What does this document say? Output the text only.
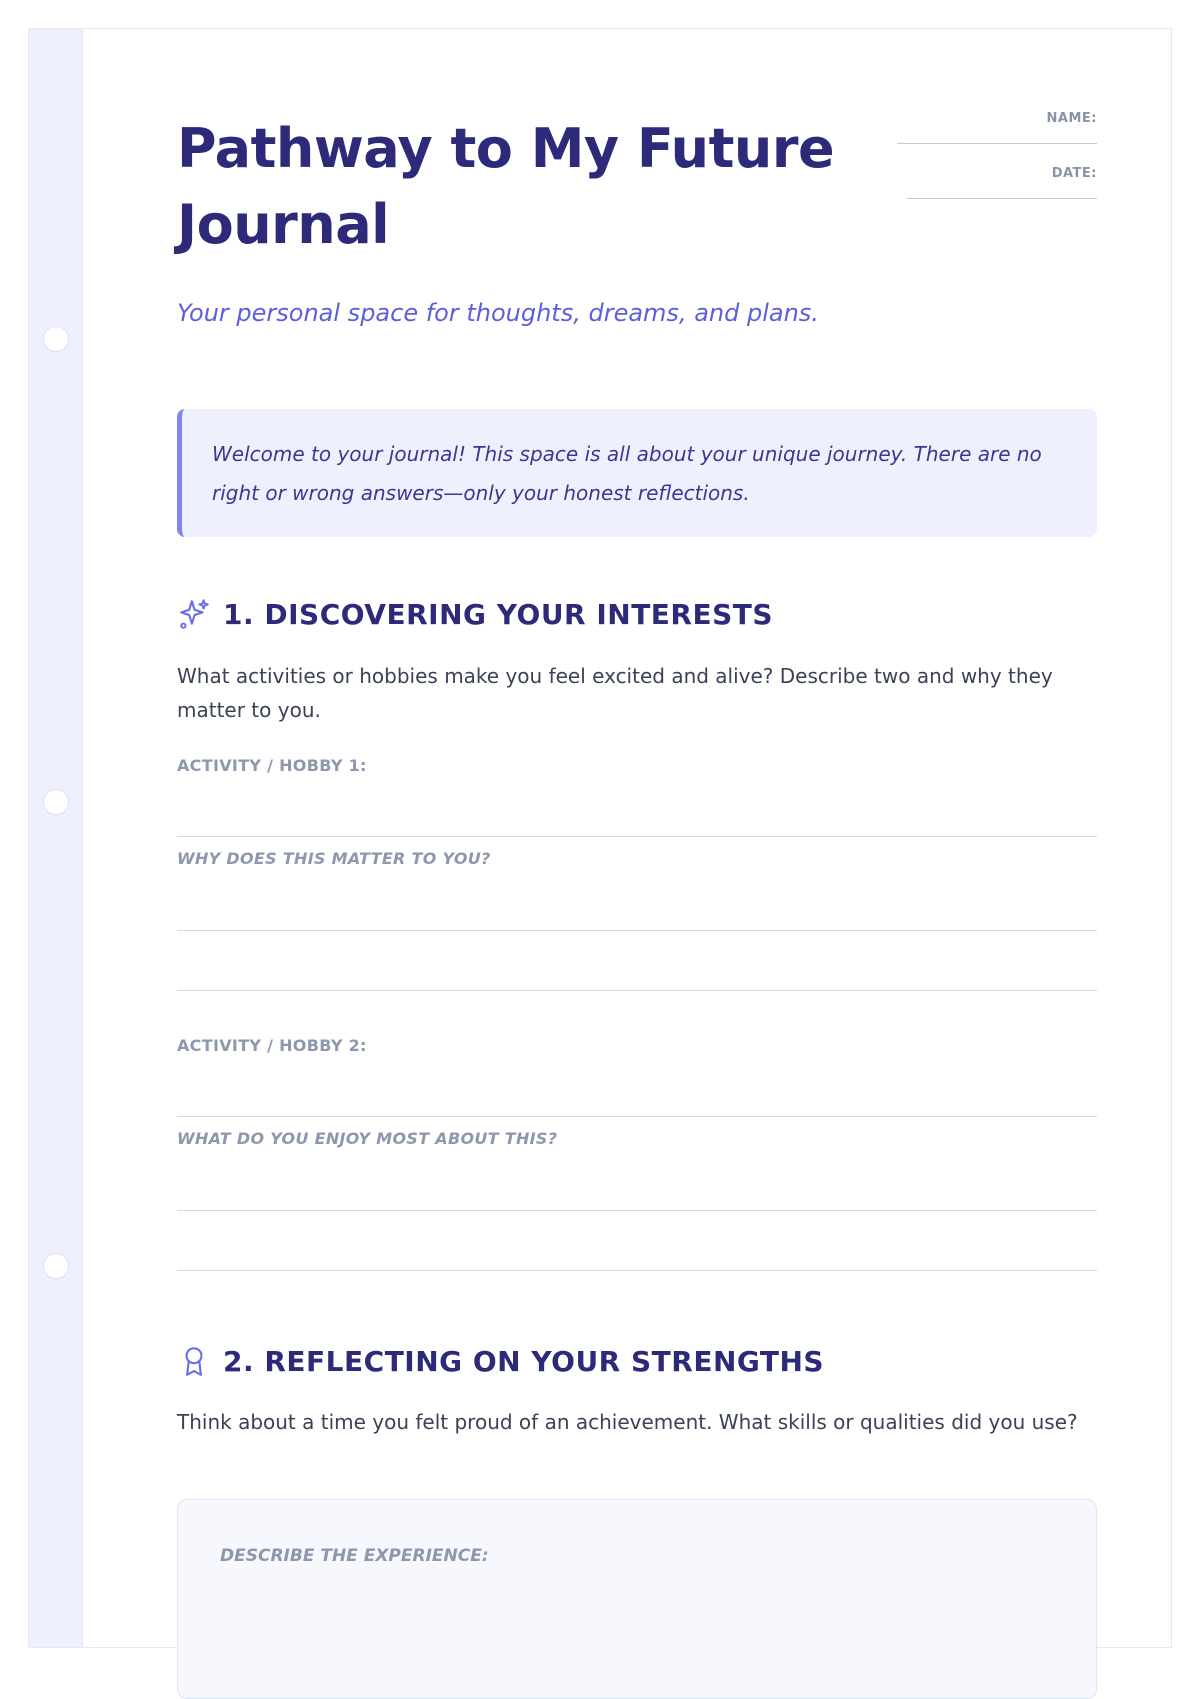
Pathway to My Future Journal
NAME:
DATE:
Your personal space for thoughts, dreams, and plans.
Welcome to your journal! This space is all about your unique journey. There are no right or wrong answers—only your honest reflections.
1. DISCOVERING YOUR INTERESTS

What activities or hobbies make you feel excited and alive? Describe two and why they matter to you.

ACTIVITY / HOBBY 1:
WHY DOES THIS MATTER TO YOU?
ACTIVITY / HOBBY 2:
WHAT DO YOU ENJOY MOST ABOUT THIS?
2. REFLECTING ON YOUR STRENGTHS

Think about a time you felt proud of an achievement. What skills or qualities did you use?

DESCRIBE THE EXPERIENCE:
